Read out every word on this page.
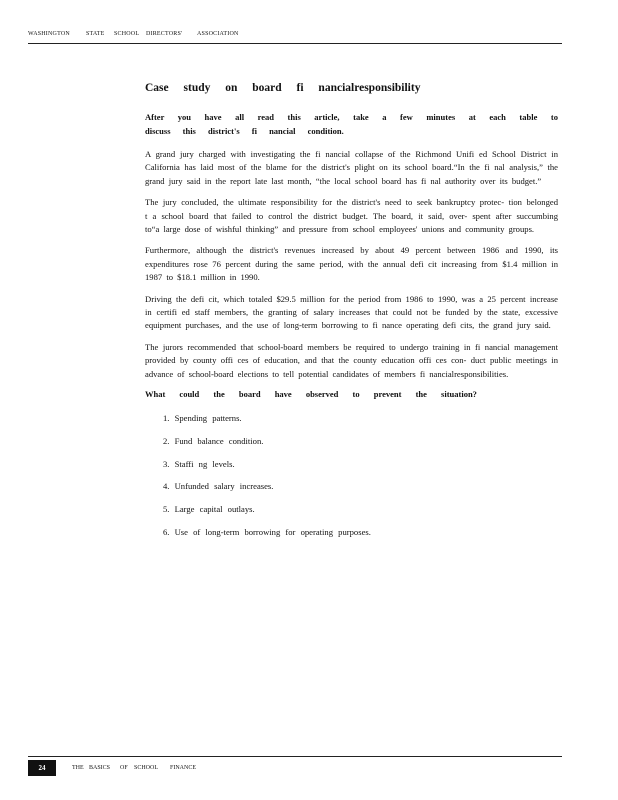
WASHINGTON	STATE SCHOOL DIRECTORS' ASSOCIATION
Case study on board fi nancialresponsibility

After you have all read this article, take a few minutes at each table to discuss this district's fi nancial condition.

A grand jury charged with investigating the fi nancial collapse of the Richmond Unifi ed School District in California has laid most of the blame for the district's plight on its school board.“In the fi nal analysis,” the grand jury said in the report late last month, “the local school board has fi nal authority over its budget.”

The jury concluded, the ultimate responsibility for the district's need to seek bankruptcy protec- tion belonged t a school board that failed to control the district budget. The board, it said, over- spent after succumbing to“a large dose of wishful thinking” and pressure from school employees' unions and community groups.

Furthermore, although the district's revenues increased by about 49 percent between 1986 and 1990, its expenditures rose 76 percent during the same period, with the annual defi cit increasing from $1.4 million in 1987 to $18.1 million in 1990.

Driving the defi cit, which totaled $29.5 million for the period from 1986 to 1990, was a 25 percent increase in certifi ed staff members, the granting of salary increases that could not be funded by the state, excessive equipment purchases, and the use of long-term borrowing to fi nance operating defi cits, the grand jury said.

The jurors recommended that school-board members be required to undergo training in fi nancial management provided by county offi ces of education, and that the county education offi ces con- duct public meetings in advance of school-board elections to tell potential candidates of members fi nancialresponsibilities.

What could the board have observed to prevent the situation?
1. Spending patterns.
2. Fund balance condition.
3. Staffi ng levels.
4. Unfunded salary increases.
5. Large capital outlays.
6. Use of long-term borrowing for operating purposes.
24	THE BASICS OF SCHOOL FINANCE
